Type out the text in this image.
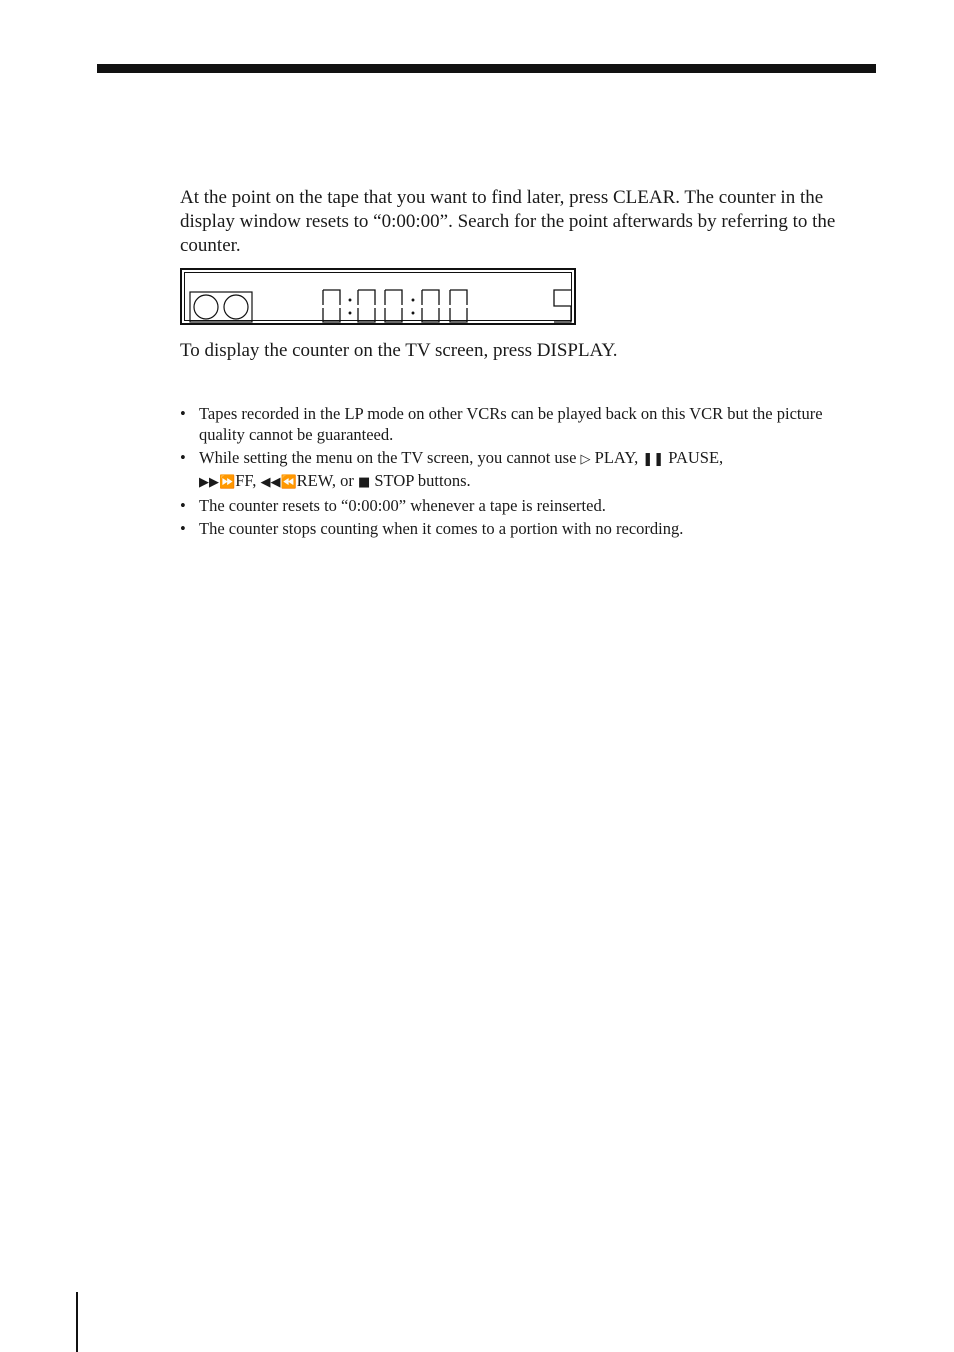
At the point on the tape that you want to find later, press CLEAR. The counter in the display window resets to “0:00:00”. Search for the point afterwards by referring to the counter.

To display the counter on the TV screen, press DISPLAY.

• Tapes recorded in the LP mode on other VCRs can be played back on this VCR but the picture quality cannot be guaranteed.
• While setting the menu on the TV screen, you cannot use ▷ PLAY, ❚❚ PAUSE,
▶▶⏩FF, ◀◀⏪REW, or ■ STOP buttons.
• The counter resets to “0:00:00” whenever a tape is reinserted.
• The counter stops counting when it comes to a portion with no recording.
